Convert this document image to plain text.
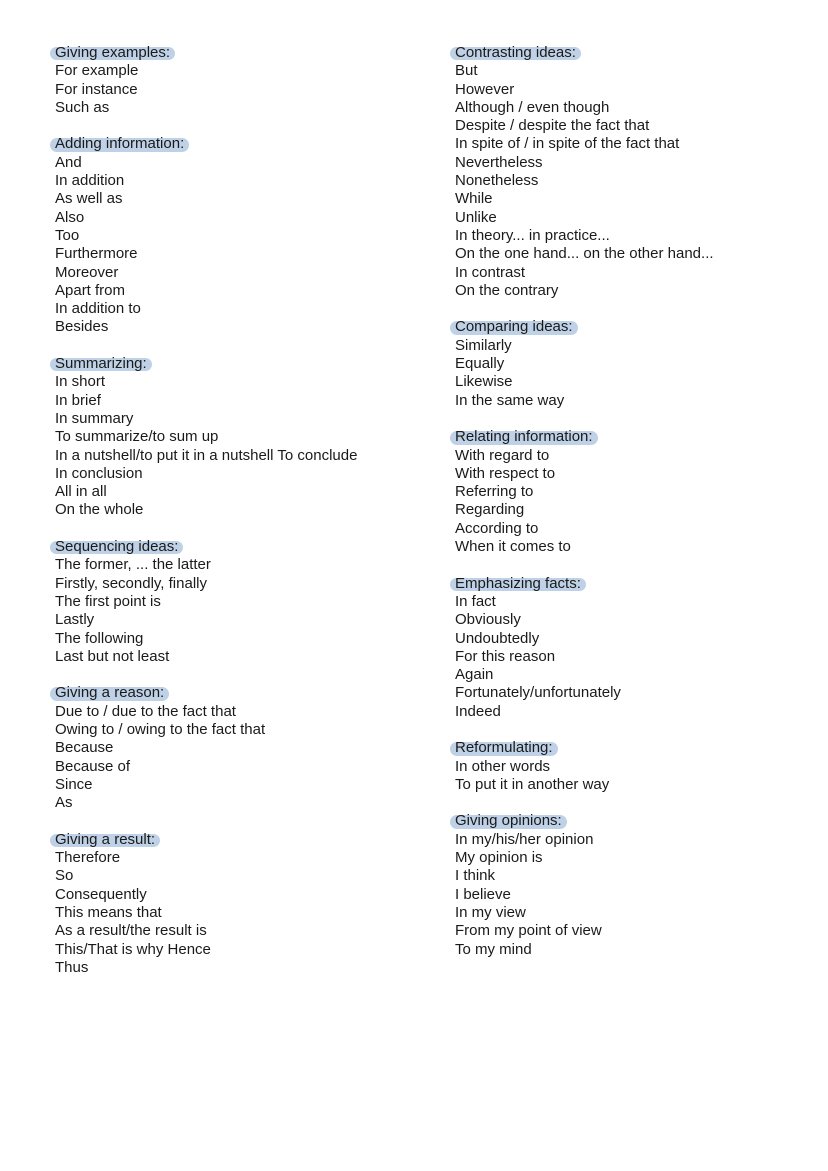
Giving examples:
For example
For instance
Such as
Adding information:
And
In addition
As well as
Also
Too
Furthermore
Moreover
Apart from
In addition to
Besides
Summarizing:
In short
In brief
In summary
To summarize/to sum up
In a nutshell/to put it in a nutshell To conclude
In conclusion
All in all
On the whole
Sequencing ideas:
The former, ... the latter
Firstly, secondly, finally
The first point is
Lastly
The following
Last but not least
Giving a reason:
Due to / due to the fact that
Owing to / owing to the fact that
Because
Because of
Since
As
Giving a result:
Therefore
So
Consequently
This means that
As a result/the result is
This/That is why Hence
Thus
Contrasting ideas:
But
However
Although / even though
Despite / despite the fact that
In spite of / in spite of the fact that
Nevertheless
Nonetheless
While
Unlike
In theory... in practice...
On the one hand... on the other hand...
In contrast
On the contrary
Comparing ideas:
Similarly
Equally
Likewise
In the same way
Relating information:
With regard to
With respect to
Referring to
Regarding
According to
When it comes to
Emphasizing facts:
In fact
Obviously
Undoubtedly
For this reason
Again
Fortunately/unfortunately
Indeed
Reformulating:
In other words
To put it in another way
Giving opinions:
In my/his/her opinion
My opinion is
I think
I believe
In my view
From my point of view
To my mind
